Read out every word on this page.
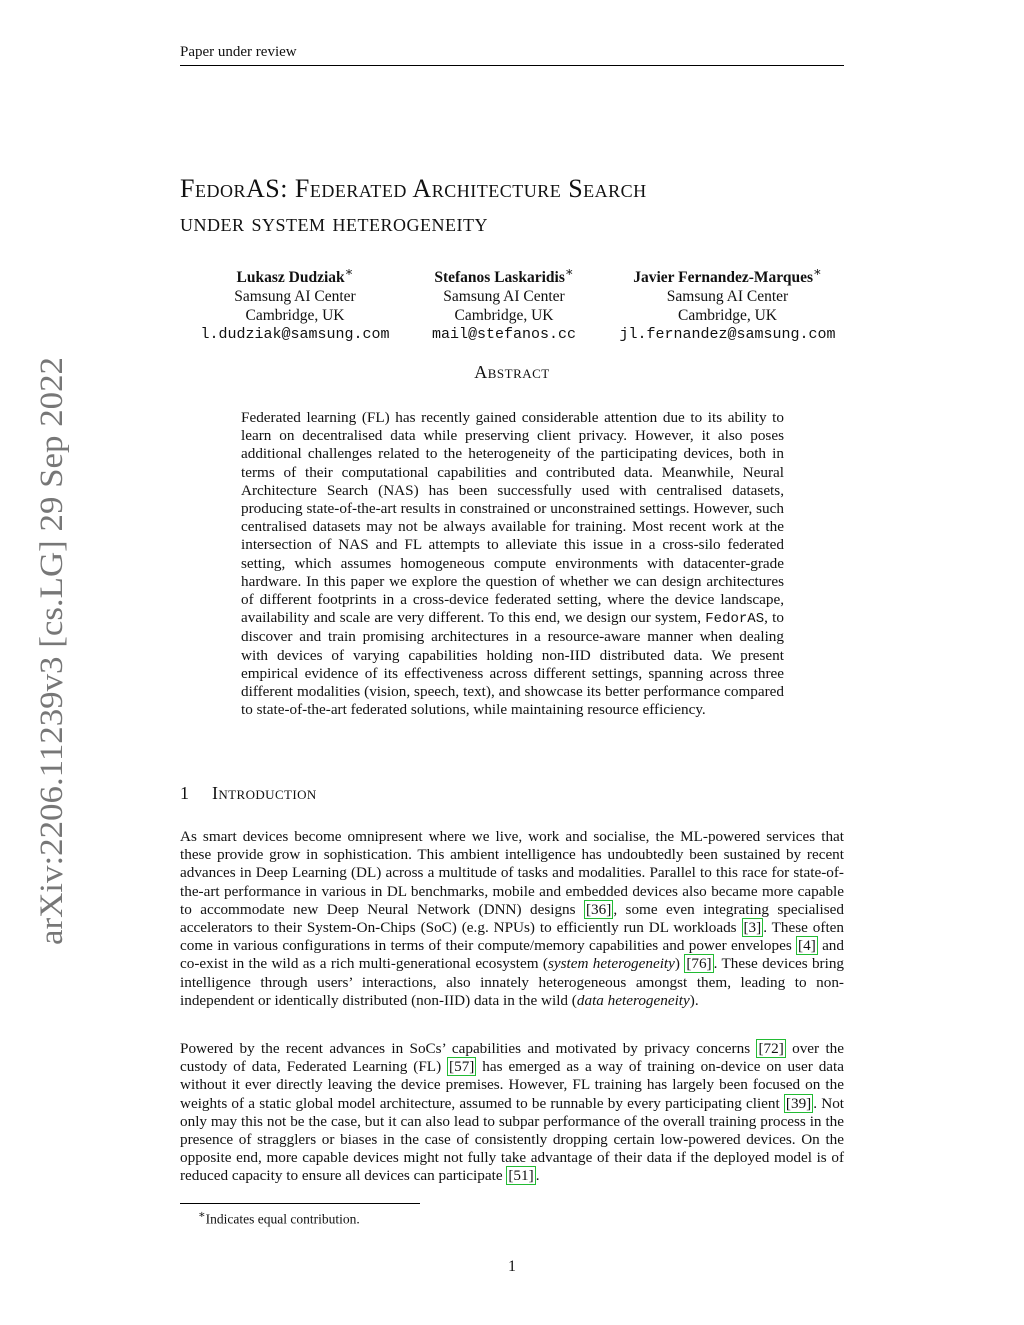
Paper under review
arXiv:2206.11239v3 [cs.LG] 29 Sep 2022
FedorAS: Federated Architecture Search
under system heterogeneity
Lukasz Dudziak∗
Samsung AI Center
Cambridge, UK
l.dudziak@samsung.com
Stefanos Laskaridis∗
Samsung AI Center
Cambridge, UK
mail@stefanos.cc
Javier Fernandez-Marques∗
Samsung AI Center
Cambridge, UK
jl.fernandez@samsung.com
Abstract
Federated learning (FL) has recently gained considerable attention due to its ability to learn on decentralised data while preserving client privacy. However, it also poses additional challenges related to the heterogeneity of the participating devices, both in terms of their computational capabilities and contributed data. Meanwhile, Neural Architecture Search (NAS) has been successfully used with centralised datasets, producing state-of-the-art results in constrained or unconstrained settings. However, such centralised datasets may not be always available for training. Most recent work at the intersection of NAS and FL attempts to alleviate this issue in a cross-silo federated setting, which assumes homogeneous compute environments with datacenter-grade hardware. In this paper we explore the question of whether we can design architectures of different footprints in a cross-device federated setting, where the device landscape, availability and scale are very different. To this end, we design our system, FedorAS, to discover and train promising architectures in a resource-aware manner when dealing with devices of varying capabilities holding non-IID distributed data. We present empirical evidence of its effectiveness across different settings, spanning across three different modalities (vision, speech, text), and showcase its better performance compared to state-of-the-art federated solutions, while maintaining resource efficiency.
1 Introduction
As smart devices become omnipresent where we live, work and socialise, the ML-powered services that these provide grow in sophistication. This ambient intelligence has undoubtedly been sustained by recent advances in Deep Learning (DL) across a multitude of tasks and modalities. Parallel to this race for state-of-the-art performance in various in DL benchmarks, mobile and embedded devices also became more capable to accommodate new Deep Neural Network (DNN) designs [36] , some even integrating specialised accelerators to their System-On-Chips (SoC) (e.g. NPUs) to efficiently run DL workloads [3] . These often come in various configurations in terms of their compute/memory capabilities and power envelopes [4] and co-exist in the wild as a rich multi-generational ecosystem (system heterogeneity) [76] . These devices bring intelligence through users’ interactions, also innately heterogeneous amongst them, leading to non-independent or identically distributed (non-IID) data in the wild (data heterogeneity).
Powered by the recent advances in SoCs’ capabilities and motivated by privacy concerns [72] over the custody of data, Federated Learning (FL) [57] has emerged as a way of training on-device on user data without it ever directly leaving the device premises. However, FL training has largely been focused on the weights of a static global model architecture, assumed to be runnable by every participating client [39] . Not only may this not be the case, but it can also lead to subpar performance of the overall training process in the presence of stragglers or biases in the case of consistently dropping certain low-powered devices. On the opposite end, more capable devices might not fully take advantage of their data if the deployed model is of reduced capacity to ensure all devices can participate [51] .
∗Indicates equal contribution.
1
